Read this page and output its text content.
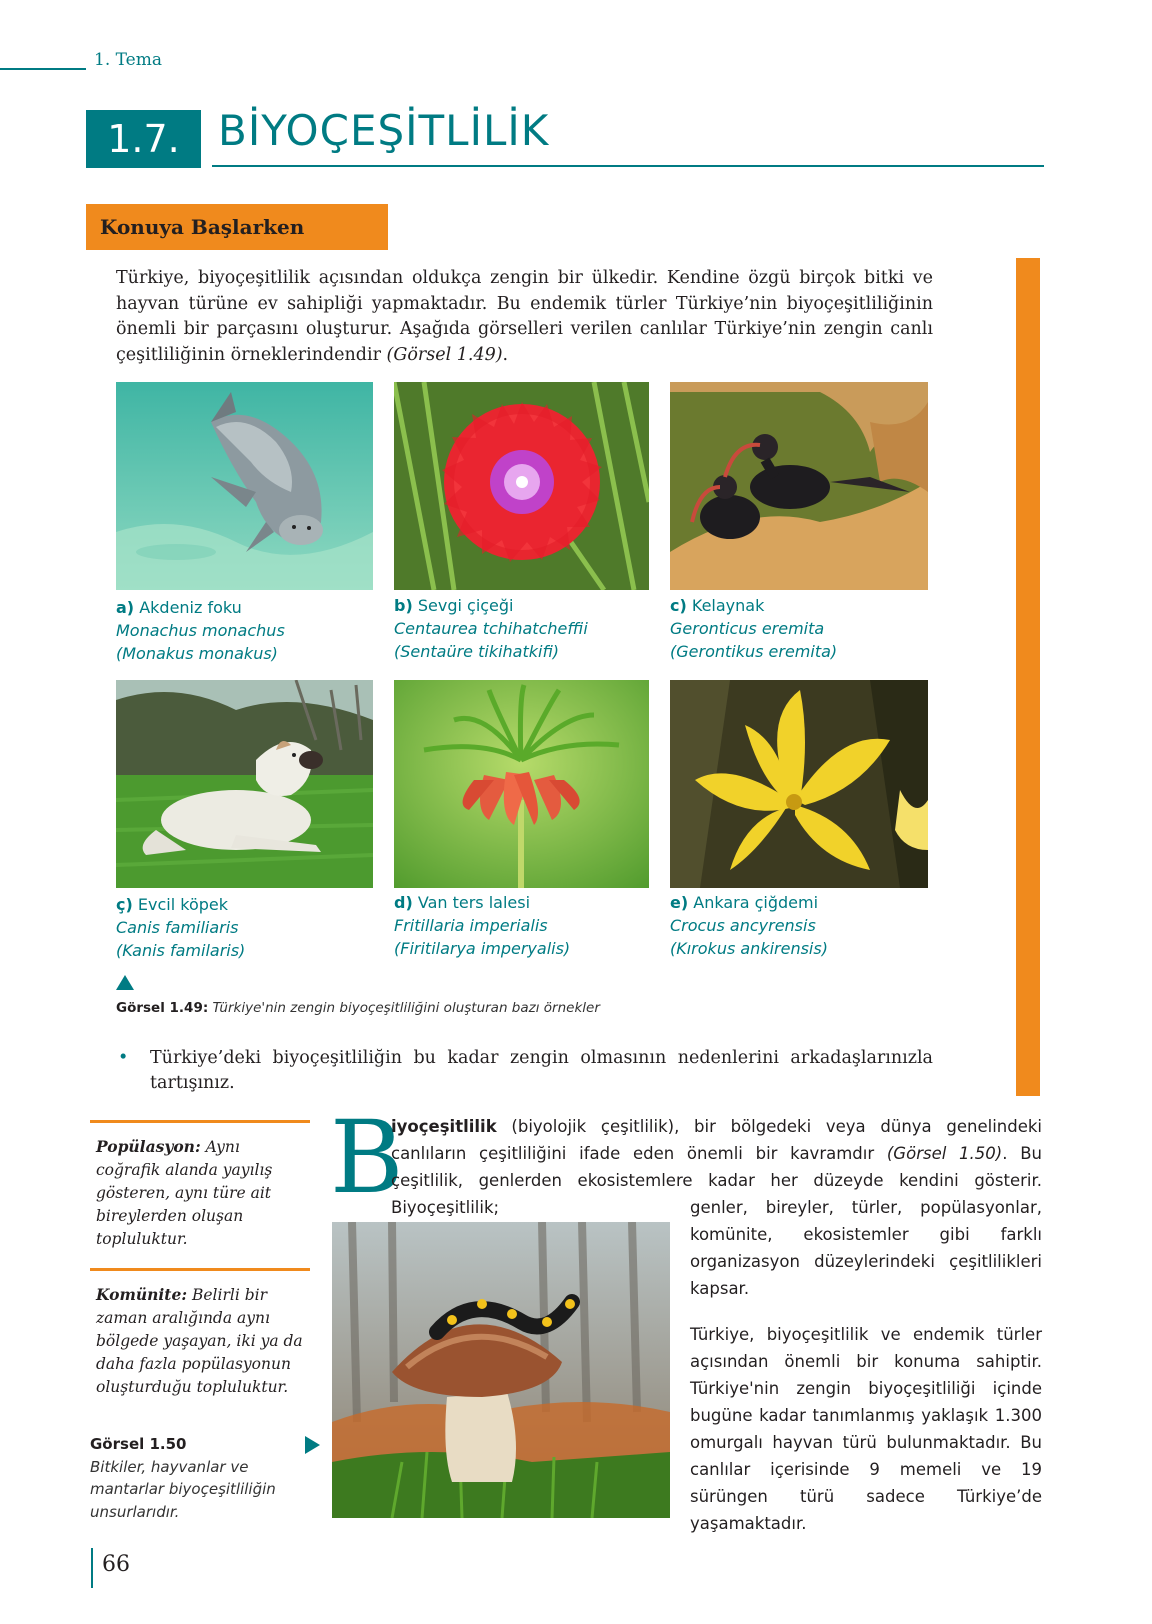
1. Tema
1.7. BİYOÇEŞİTLİLİK
Konuya Başlarken
Türkiye, biyoçeşitlilik açısından oldukça zengin bir ülkedir. Kendine özgü birçok bitki ve hayvan türüne ev sahipliği yapmaktadır. Bu endemik türler Türkiye’nin biyoçeşitliliğinin önemli bir parçasını oluşturur. Aşağıda görselleri verilen canlılar Türkiye’nin zengin canlı çeşitliliğinin örneklerindendir (Görsel 1.49).
a) Akdeniz foku
Monachus monachus
(Monakus monakus)
b) Sevgi çiçeği
Centaurea tchihatcheffii
(Sentaüre tikihatkifi)
c) Kelaynak
Geronticus eremita
(Gerontikus eremita)
ç) Evcil köpek
Canis familiaris
(Kanis familaris)
d) Van ters lalesi
Fritillaria imperialis
(Firitilarya imperyalis)
e) Ankara çiğdemi
Crocus ancyrensis
(Kırokus ankirensis)
Görsel 1.49: Türkiye'nin zengin biyoçeşitliliğini oluşturan bazı örnekler
• Türkiye’deki biyoçeşitliliğin bu kadar zengin olmasının nedenlerini arkadaşlarınızla tartışınız.
Popülasyon: Aynı coğrafik alanda yayılış gösteren, aynı türe ait bireylerden oluşan topluluktur.
Komünite: Belirli bir zaman aralığında aynı bölgede yaşayan, iki ya da daha fazla popülasyonun oluşturduğu topluluktur.
Görsel 1.50
Bitkiler, hayvanlar ve mantarlar biyoçeşitliliğin unsurlarıdır.
B
iyoçeşitlilik (biyolojik çeşitlilik), bir bölgedeki veya dünya genelindeki canlıların çeşitliliğini ifade eden önemli bir kavramdır (Görsel 1.50). Bu çeşitlilik, genlerden ekosistemlere kadar her düzeyde kendini gösterir. Biyoçeşitlilik;	genler, bireyler, türler, popülasyonlar, komünite, ekosistemler gibi farklı organizasyon düzeylerindeki çeşitlilikleri kapsar.
Türkiye, biyoçeşitlilik ve endemik türler açısından önemli bir konuma sahiptir. Türkiye'nin zengin biyoçeşitliliği içinde bugüne kadar tanımlanmış yaklaşık 1.300 omurgalı hayvan türü bulunmaktadır. Bu canlılar içerisinde 9 memeli ve 19 sürüngen türü sadece Türkiye’de yaşamaktadır.
66
